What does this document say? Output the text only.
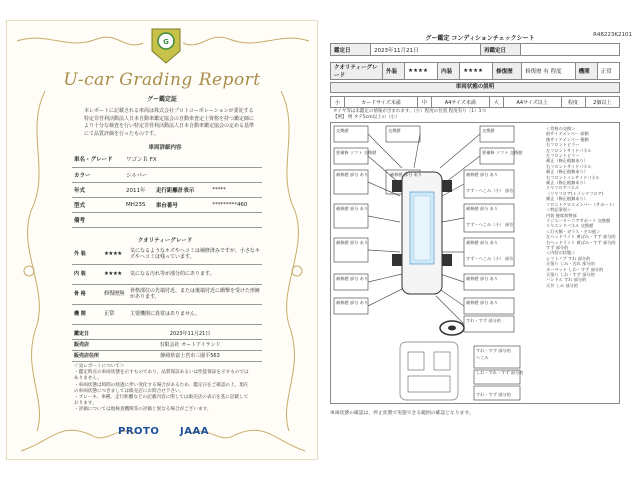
G
U-car Grading Report
グー鑑定証
本レポートに記載される車両は株式会社プロトコーポレーションが委託する特定非営利活動法人日本自動車鑑定協会の自動車査定士資格を持つ鑑定師により十分な検査を行い特定非営利活動法人日本自動車鑑定協会の定める基準にて品質評価を行ったものです。
車両詳細内容
車名・グレード	ワゴンＲ FX		
カラー	シルバー		
年式	2011年	走行距離計表示	*****
型式	MH23S	車台番号	*********460
備考			
クオリティーグレード
外 装	★★★★	気になるようなキズやヘコミは補修済みですが、小さなキズやヘコミは残っています。
内 装	★★★★	気になる汚れ等が部分的にあります。
骨 格	修復歴無	骨格部位の先端付近、または後端付近に衝撃を受けた形跡があります。
機 関	正常	主要機関に異常はありません。
鑑定日	2023年11月21日
販売店	有限会社 オートアイランド
販売店住所	静岡県富士宮市三園平563
＜気レポートについて＞
・鑑定時点の車両状態を示すものであり、品質保証あるいは性能保証を示すものではありません。
・車両状態は時間の経過に伴い変化する場合があるため、鑑定日をご確認の上、現在の車両状態につきましては販売店にお問合せ下さい。
・ブレーキ、車種、走行距離などの記載内容に関しては販売店の表示を基に記載しております。
・評価については他検査機関等の評価と異なる場合がございます。
PROTO JAAA
R48223K2101
グー鑑定 コンディションチェックシート
鑑定日	2023年11月21日	再鑑定日	
クオリティーグレード	外装	★★★★	内装	★★★★	修復歴	修復歴 有 程度	機関	正常
車両状態の説明
小	カードサイズ未満	中	A4サイズ未満	大	A4サイズ以上	程度	2個以上
タイヤ等は未鑑定の情報が含まれます。（小）程度の位置 程度有り（1）1つ
【例】 例 タテ5cm以上の（小）
交換歴	交換歴	交換歴
要補修 ソフト 交換歴	要補修 ソフト 交換歴
補修歴 部分 あり	補修歴 部分 あり	補修歴 部分 あり
すず・へこみ（小） 部位
補修歴 部分 あり	補修歴 部分 あり
すず・へこみ（小） 部位
補修歴 部分 あり	補修歴 部分 あり
すず・へこみ（小） 部位
補修歴 部分 あり	補修歴 部分 あり
補修歴 部分 あり	補修歴 部分 あり
すれ・すず 部分的
すれ・すず 部分的
へこみ
しわ・すれ・すず 部分的
すれ・すず 部分的
＜骨格の交換＞
前サイドメンバー 前側
後サイドメンバー 後側
右フロントピラー
左フロントサイドパネル
左フロントピラー
補正（修正痕無あり）
右フロントサイドパネル
補正（修正痕無あり）
右フロントインサイドパネル
補正（修正痕無あり）
リヤフロアパネル
（リヤフロア(トランクフロア)
補正（修正痕無あり）
フロントクロスメンバー（サポート）
＜特記事項＞
内装 後席荷物部
ラジエーターコアサポート 交換歴
リヤエンドパネル 交換歴
＜灯火類・ガラス・その他＞
左ヘッドライト 黄ばみ・すず 部分的
右ヘッドライト 黄ばみ・すず 部分的
すず 部分的
＜内装の状態＞
シフトノブ すれ 部分的
天張り しみ・汚れ 部分的
カーペット しわ・すず 部分的
天張り しわ・すず 部分的
ハンドル すれ 部分的
天井 しみ 部分的
車両状態の確認は、停止状態で実施できる範囲の確認となります。
